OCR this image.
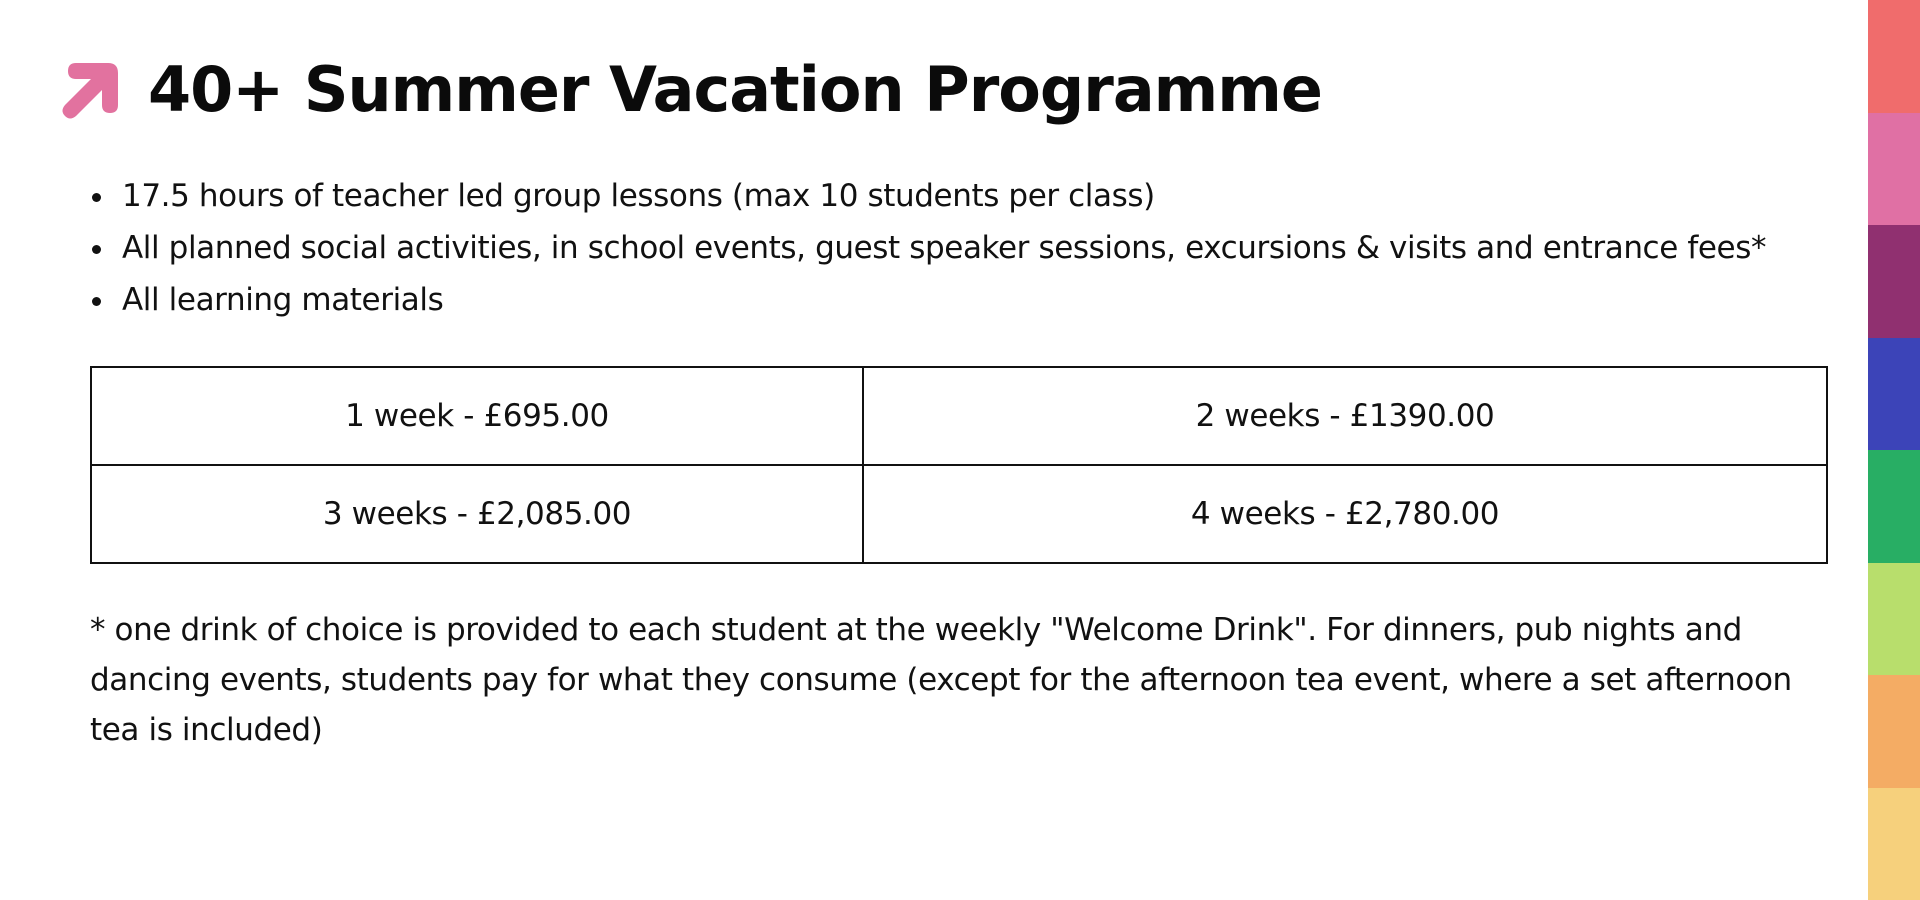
40+ Summer Vacation Programme
17.5 hours of teacher led group lessons (max 10 students per class)
All planned social activities, in school events, guest speaker sessions, excursions & visits and entrance fees*
All learning materials
1 week - £695.00	2 weeks - £1390.00
3 weeks - £2,085.00	4 weeks - £2,780.00

* one drink of choice is provided to each student at the weekly "Welcome Drink". For dinners, pub nights and dancing events, students pay for what they consume (except for the afternoon tea event, where a set afternoon tea is included)
